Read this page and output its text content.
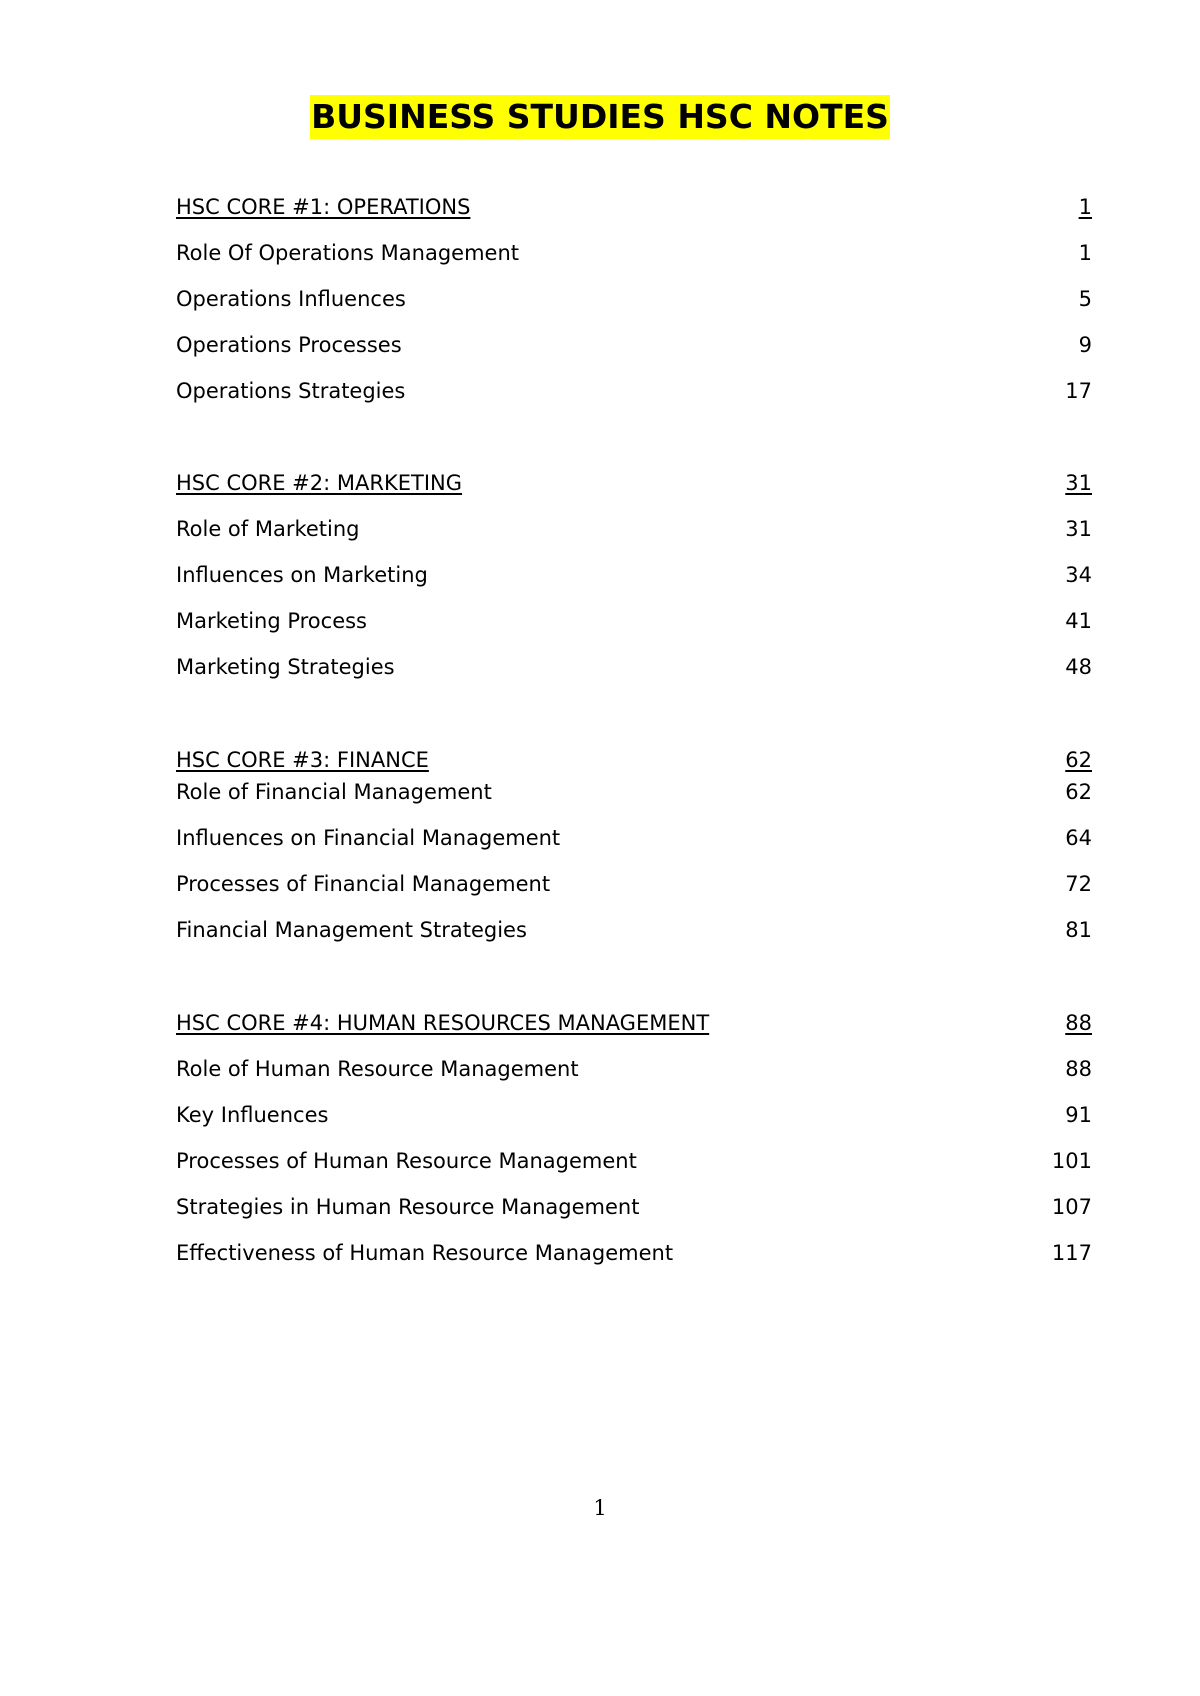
BUSINESS STUDIES HSC NOTES
HSC CORE #1: OPERATIONS	1
Role Of Operations Management	1
Operations Influences	5
Operations Processes	9
Operations Strategies	17
HSC CORE #2: MARKETING	31
Role of Marketing	31
Influences on Marketing	34
Marketing Process	41
Marketing Strategies	48
HSC CORE #3: FINANCE	62
Role of Financial Management	62
Influences on Financial Management	64
Processes of Financial Management	72
Financial Management Strategies	81
HSC CORE #4: HUMAN RESOURCES MANAGEMENT	88
Role of Human Resource Management	88
Key Influences	91
Processes of Human Resource Management	101
Strategies in Human Resource Management	107
Effectiveness of Human Resource Management	117
1
